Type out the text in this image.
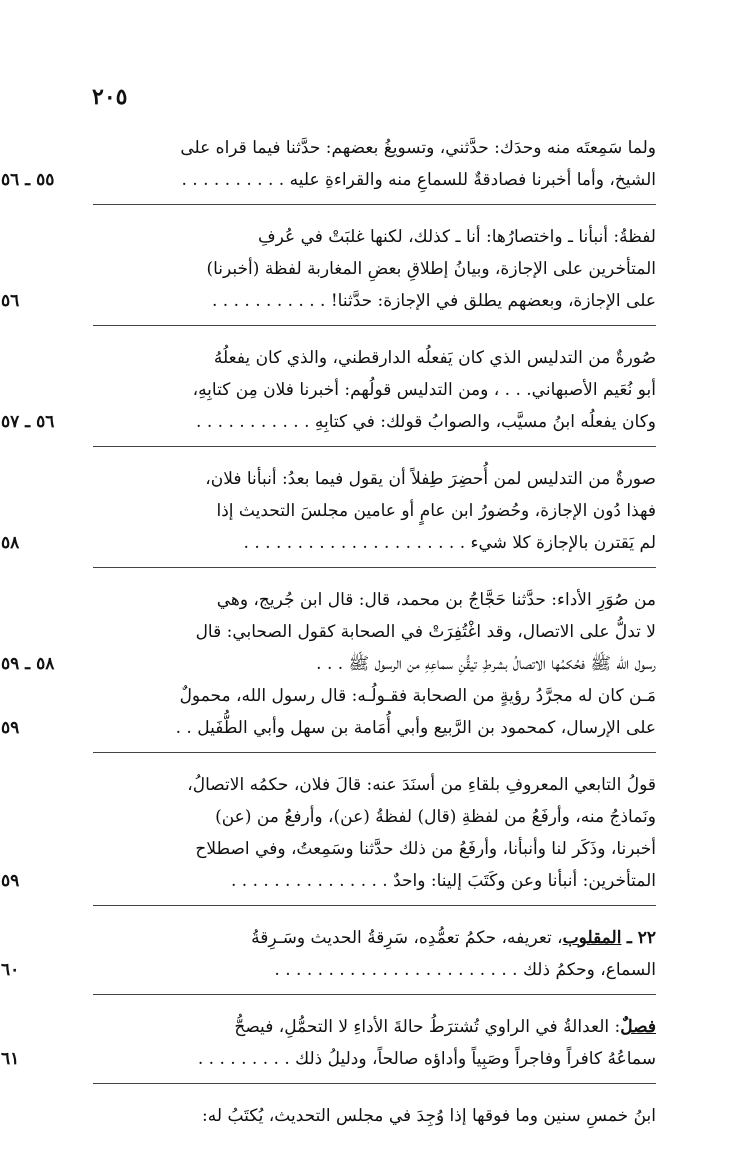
٢٠٥
ولما سَمِعتَه منه وحدَك: حدَّثني، وتسويغُ بعضهم: حدَّثنا فيما قراه على
الشيخ، وأما أخبرنا فصادقةٌ للسماعِ منه والقراءةِ عليه . . . . . . . . . .
٥٥ ـ ٥٦
لفظةُ: أنبأنا ـ واختصارُها: أنا ـ كذلك، لكنها غلبَتْ في عُرفِ
المتأخرين على الإجازة، وبيانُ إطلاقِ بعضِ المغاربة لفظة (أخبرنا)
على الإجازة، وبعضهم يطلق في الإجازة: حدَّثنا! . . . . . . . . . . .
٥٦
صُورةٌ من التدليس الذي كان يَفعلُه الدارقطني، والذي كان يفعلُهُ
أبو نُعَيم الأصبهاني. . . ، ومن التدليس قولُهم: أخبرنا فلان مِن كتابِهِ،
وكان يفعلُه ابنُ مسيَّب، والصوابُ قولك: في كتابِهِ . . . . . . . . . . .
٥٦ ـ ٥٧
صورةٌ من التدليس لمن أُحضِرَ طِفلاً أن يقول فيما بعدُ: أنبأنا فلان،
فهذا دُون الإجازة، وحُضورُ ابن عامٍ أو عامين مجلسَ التحديث إذا
لم يَقترن بالإجازة كلا شيء . . . . . . . . . . . . . . . . . . . . .
٥٨
من صُوَرِ الأداء: حدَّثنا حَجَّاجُ بن محمد، قال: قال ابن جُريج، وهي
لا تدلُّ على الاتصال، وقد اغْتُفِرَتْ في الصحابة كقول الصحابي: قال
رسول الله ﷺ فحُكمُها الاتصالُ بشرطِ تيقُّنِ سماعِهِ من الرسول ﷺ . . .
٥٨ ـ ٥٩
مَـن كان له مجرَّدُ رؤيةٍ من الصحابة فقـولُـه: قال رسول الله، محمولٌ
على الإرسال، كمحمود بن الرَّبيع وأبي أُمَامة بن سهل وأبي الطُّفَيل . .
٥٩
قولُ التابعي المعروفِ بلقاءِ من أسنَدَ عنه: قالَ فلان، حكمُه الاتصالُ،
ونَماذجُ منه، وأرفَعُ من لفظةِ (قال) لفظةُ (عن)، وأرفعُ من (عن)
أخبرنا، وذَكَر لنا وأنبأنا، وأرفَعُ من ذلك حدَّثنا وسَمِعتُ، وفي اصطلاح
المتأخرين: أنبأنا وعن وكَتَبَ إلينا: واحدٌ . . . . . . . . . . . . . . .
٥٩
٢٢ ـ المقلوب، تعريفه، حكمُ تعمُّدِه، سَرِقةُ الحديث وسَـرِقةُ
السماع، وحكمُ ذلك . . . . . . . . . . . . . . . . . . . . . . .
٦٠
فصلٌ: العدالةُ في الراوي تُشترَطُ حالةَ الأداءِ لا التحمُّلِ، فيصحُّ
سماعُهُ كافراً وفاجراً وصَبِياً وأداؤه صالحاً، ودليلُ ذلك . . . . . . . . .
٦١
ابنُ خمسِ سنين وما فوقها إذا وُجِدَ في مجلس التحديث، يُكتَبُ له:
